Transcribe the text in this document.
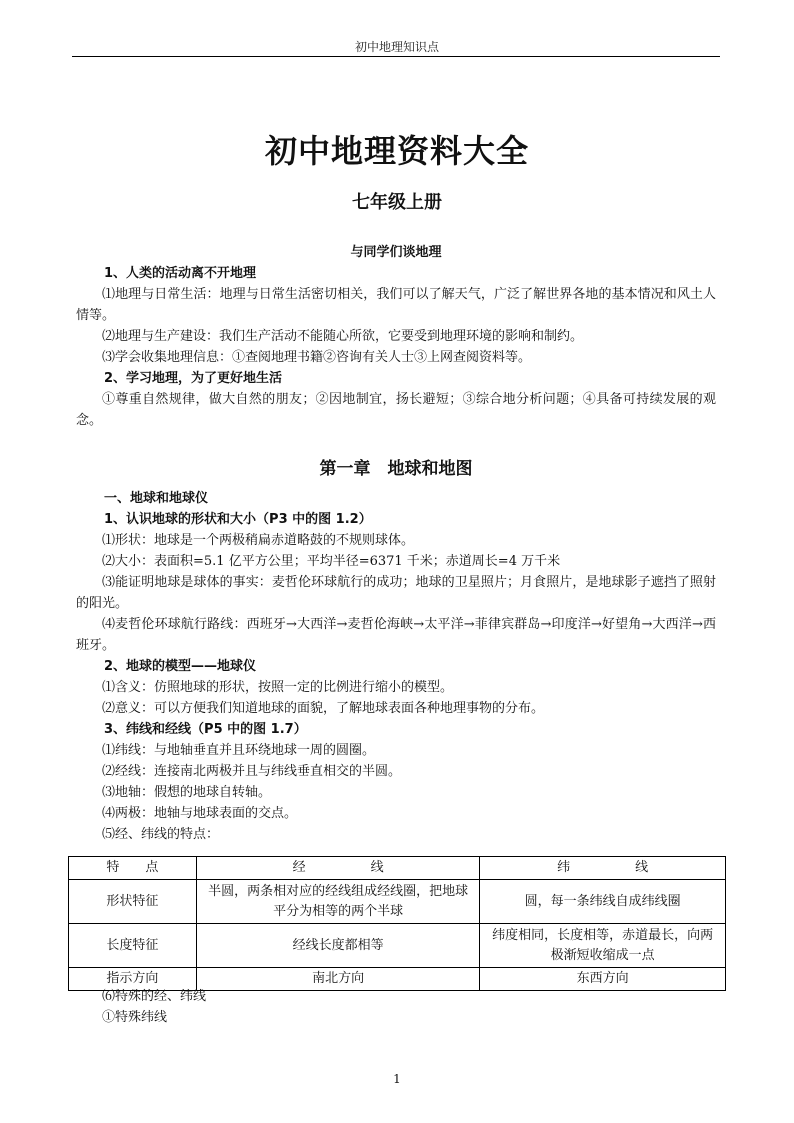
初中地理知识点
初中地理资料大全
七年级上册
与同学们谈地理
1、人类的活动离不开地理
⑴地理与日常生活：地理与日常生活密切相关，我们可以了解天气，广泛了解世界各地的基本情况和风土人情等。
⑵地理与生产建设：我们生产活动不能随心所欲，它要受到地理环境的影响和制约。
⑶学会收集地理信息：①查阅地理书籍②咨询有关人士③上网查阅资料等。
2、学习地理，为了更好地生活
①尊重自然规律，做大自然的朋友；②因地制宜，扬长避短；③综合地分析问题；④具备可持续发展的观念。
第一章　地球和地图
一、地球和地球仪
1、认识地球的形状和大小（P3 中的图 1.2）
⑴形状：地球是一个两极稍扁赤道略鼓的不规则球体。
⑵大小：表面积=5.1 亿平方公里；平均半径=6371 千米；赤道周长=4 万千米
⑶能证明地球是球体的事实：麦哲伦环球航行的成功；地球的卫星照片；月食照片，是地球影子遮挡了照射的阳光。
⑷麦哲伦环球航行路线：西班牙→大西洋→麦哲伦海峡→太平洋→菲律宾群岛→印度洋→好望角→大西洋→西班牙。
2、地球的模型——地球仪
⑴含义：仿照地球的形状，按照一定的比例进行缩小的模型。
⑵意义：可以方便我们知道地球的面貌，了解地球表面各种地理事物的分布。
3、纬线和经线（P5 中的图 1.7）
⑴纬线：与地轴垂直并且环绕地球一周的圆圈。
⑵经线：连接南北两极并且与纬线垂直相交的半圆。
⑶地轴：假想的地球自转轴。
⑷两极：地轴与地球表面的交点。
⑸经、纬线的特点：
特　　点	经　　　　　线	纬　　　　　线
形状特征	半圆，两条相对应的经线组成经线圈，把地球平分为相等的两个半球	圆，每一条纬线自成纬线圈
长度特征	经线长度都相等	纬度相同，长度相等，赤道最长，向两极渐短收缩成一点
指示方向	南北方向	东西方向
⑹特殊的经、纬线
①特殊纬线
1
